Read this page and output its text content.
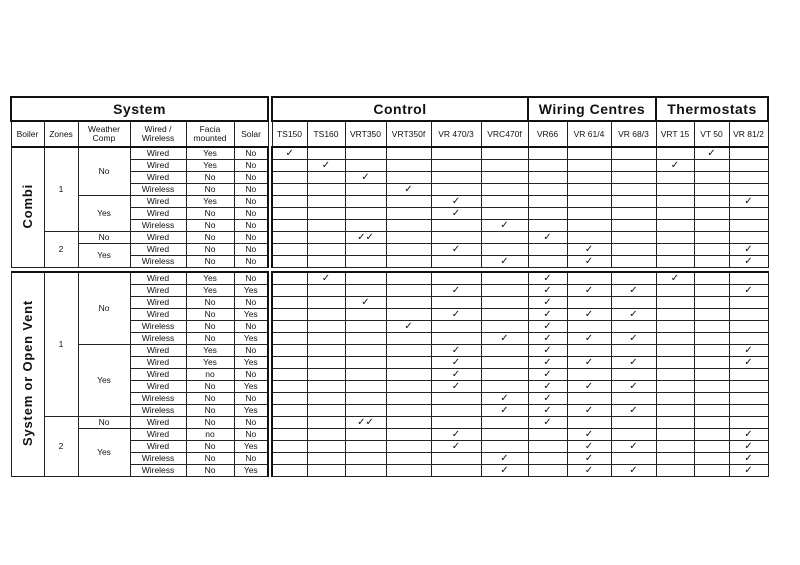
System							Control						Wiring Centres			Thermostats		
Boiler	Zones	Weather Comp	Wired / Wireless	Facia mounted	Solar		TS150	TS160	VRT350	VRT350f	VR 470/3	VRC470f	VR66	VR 61/4	VR 68/3	VRT 15	VT 50	VR 81/2
Combi	1	No	Wired	Yes	No		✓										✓	
			Wired	Yes	No			✓								✓		
			Wired	No	No				✓									
			Wireless	No	No					✓								
		Yes	Wired	Yes	No						✓							✓
			Wired	No	No						✓							
			Wireless	No	No							✓						
	2	No	Wired	No	No				✓✓				✓					
		Yes	Wired	No	No						✓			✓				✓
			Wireless	No	No							✓		✓				✓

System or Open Vent	1	No	Wired	Yes	No			✓					✓			✓		
			Wired	Yes	Yes						✓		✓	✓	✓			✓
			Wired	No	No				✓				✓					
			Wired	No	Yes						✓		✓	✓	✓			
			Wireless	No	No					✓			✓					
			Wireless	No	Yes							✓	✓	✓	✓			
		Yes	Wired	Yes	No						✓		✓					✓
			Wired	Yes	Yes						✓		✓	✓	✓			✓
			Wired	no	No						✓		✓					
			Wired	No	Yes						✓		✓	✓	✓			
			Wireless	No	No							✓	✓					
			Wireless	No	Yes							✓	✓	✓	✓			
	2	No	Wired	No	No				✓✓				✓					
		Yes	Wired	no	No						✓			✓				✓
			Wired	No	Yes						✓			✓	✓			✓
			Wireless	No	No							✓		✓				✓
			Wireless	No	Yes							✓		✓	✓			✓
